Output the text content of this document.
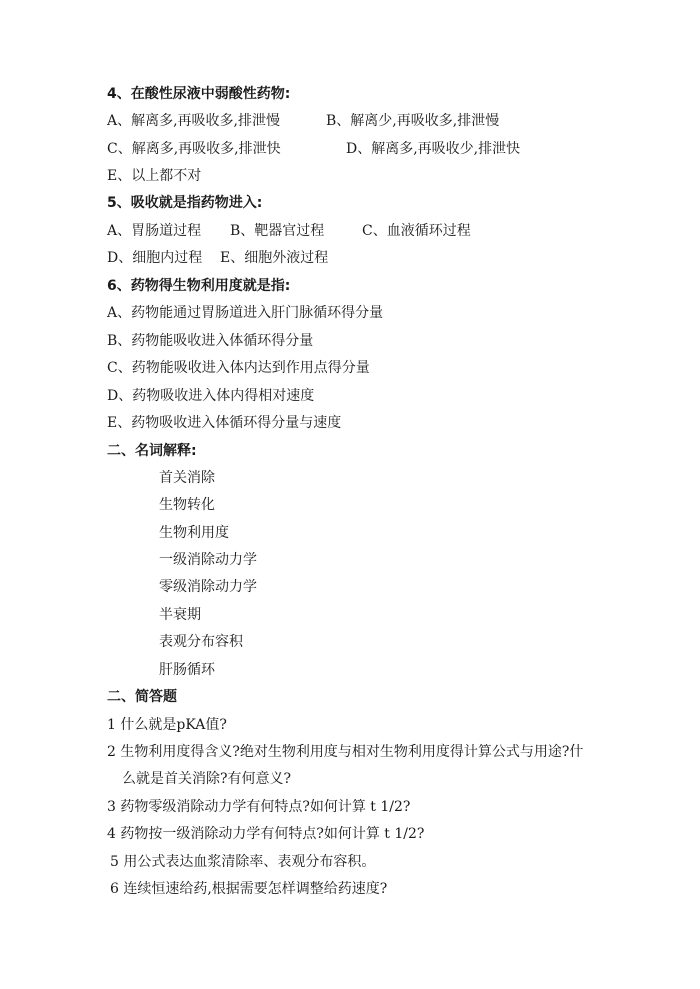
4、在酸性尿液中弱酸性药物:
A、解离多,再吸收多,排泄慢	B、解离少,再吸收多,排泄慢
C、解离多,再吸收多,排泄快	D、解离多,再吸收少,排泄快
E、以上都不对
5、吸收就是指药物进入:
A、胃肠道过程 B、靶器官过程	C、血液循环过程
D、细胞内过程 E、细胞外液过程
6、药物得生物利用度就是指:
A、药物能通过胃肠道进入肝门脉循环得分量
B、药物能吸收进入体循环得分量
C、药物能吸收进入体内达到作用点得分量
D、药物吸收进入体内得相对速度
E、药物吸收进入体循环得分量与速度
二、名词解释:
首关消除
生物转化
生物利用度
一级消除动力学
零级消除动力学
半衰期
表观分布容积
肝肠循环
二、简答题
1 什么就是pKA值?
2 生物利用度得含义?绝对生物利用度与相对生物利用度得计算公式与用途?什
么就是首关消除?有何意义?
3 药物零级消除动力学有何特点?如何计算 t 1/2?
4 药物按一级消除动力学有何特点?如何计算 t 1/2?
5 用公式表达血浆清除率、表观分布容积。
6 连续恒速给药,根据需要怎样调整给药速度?
